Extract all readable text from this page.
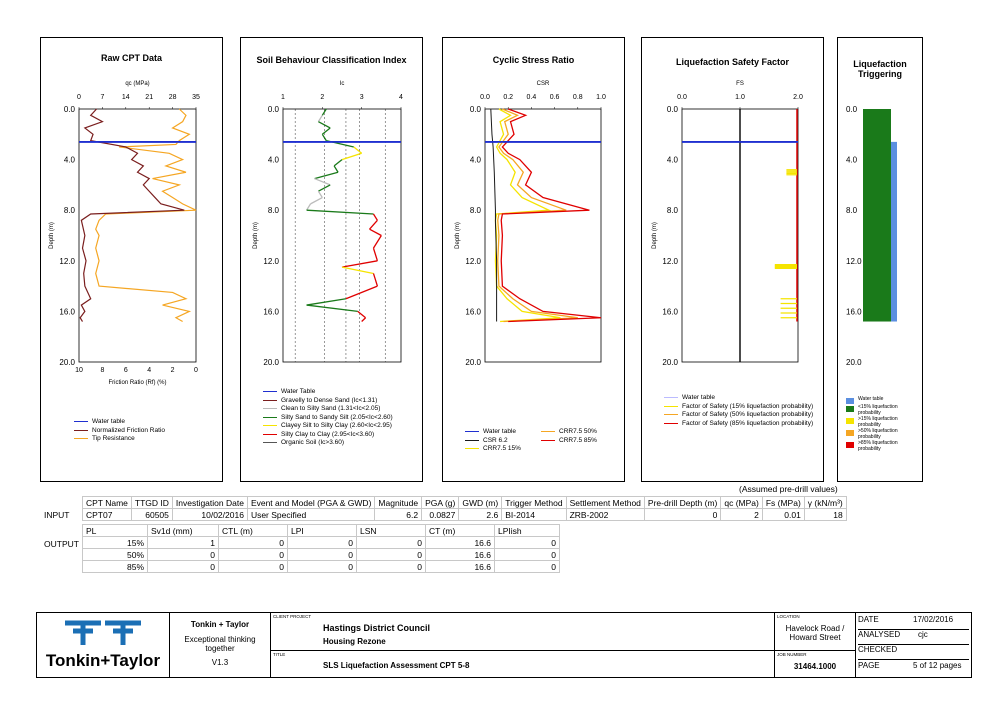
Raw CPT Data
Depth (m)
0.0
4.0
8.0
12.0
16.0
20.0
0	7	14 21 28 35
qc (MPa)
10	8	6	4	2	0
Friction Ratio (Rf) (%)
Water table
Normalized Friction Ratio
Tip Resistance
Soil Behaviour Classification Index
Depth (m)
0.0
4.0
8.0
12.0
16.0
20.0
1	2	3	4
Ic
Water Table
Gravelly to Dense Sand (Ic<1.31)
Clean to Silty Sand (1.31<Ic<2.05)
Silty Sand to Sandy Silt (2.05<Ic<2.60)
Clayey Silt to Silty Clay (2.60<Ic<2.95)
Silty Clay to Clay (2.95<Ic<3.60)
Organic Soil (Ic>3.60)
Cyclic Stress Ratio
Depth (m)
0.0
4.0
8.0
12.0
16.0
20.0
0.0 0.2 0.4 0.6 0.8 1.0
CSR
Water table
CSR 6.2
CRR7.5 15%
CRR7.5 50%
CRR7.5 85%
Liquefaction Safety Factor
Depth (m)
0.0
4.0
8.0
12.0
16.0
20.0
0.0	1.0	2.0
FS
Water table
Factor of Safety (15% liquefaction probability)
Factor of Safety (50% liquefaction probability)
Factor of Safety (85% liquefaction probability)
Liquefaction Triggering
0.0
4.0
8.0
12.0
16.0
20.0
Water table
<15% liquefaction probability
>15% liquefaction probability
>50% liquefaction probability
>85% liquefaction probability
(Assumed pre-drill values)
INPUT
CPT Name	TTGD ID	Investigation Date	Event and Model (PGA & GWD)	Magnitude	PGA (g)	GWD (m)	Trigger Method	Settlement Method	Pre-drill Depth (m)	qc (MPa)	Fs (MPa)	γ (kN/m³)
CPT07	60505	10/02/2016	User Specified	6.2	0.0827	2.6	BI-2014	ZRB-2002	0	2	0.01	18
OUTPUT
PL	Sv1d (mm)	CTL (m)	LPI	LSN	CT (m)	LPIish
15%	1	0	0	0	16.6	0
50%	0	0	0	0	16.6	0
85%	0	0	0	0	16.6	0
Tonkin+Taylor
Tonkin + Taylor
Exceptional thinking together
V1.3
CLIENT PROJECT
Hastings District Council
Housing Rezone
TITLE
SLS Liquefaction Assessment CPT 5-8
LOCATION
Havelock Road / Howard Street
JOB NUMBER
31464.1000
DATE	17/02/2016
ANALYSED cjc
CHECKED
PAGE	5 of 12 pages
